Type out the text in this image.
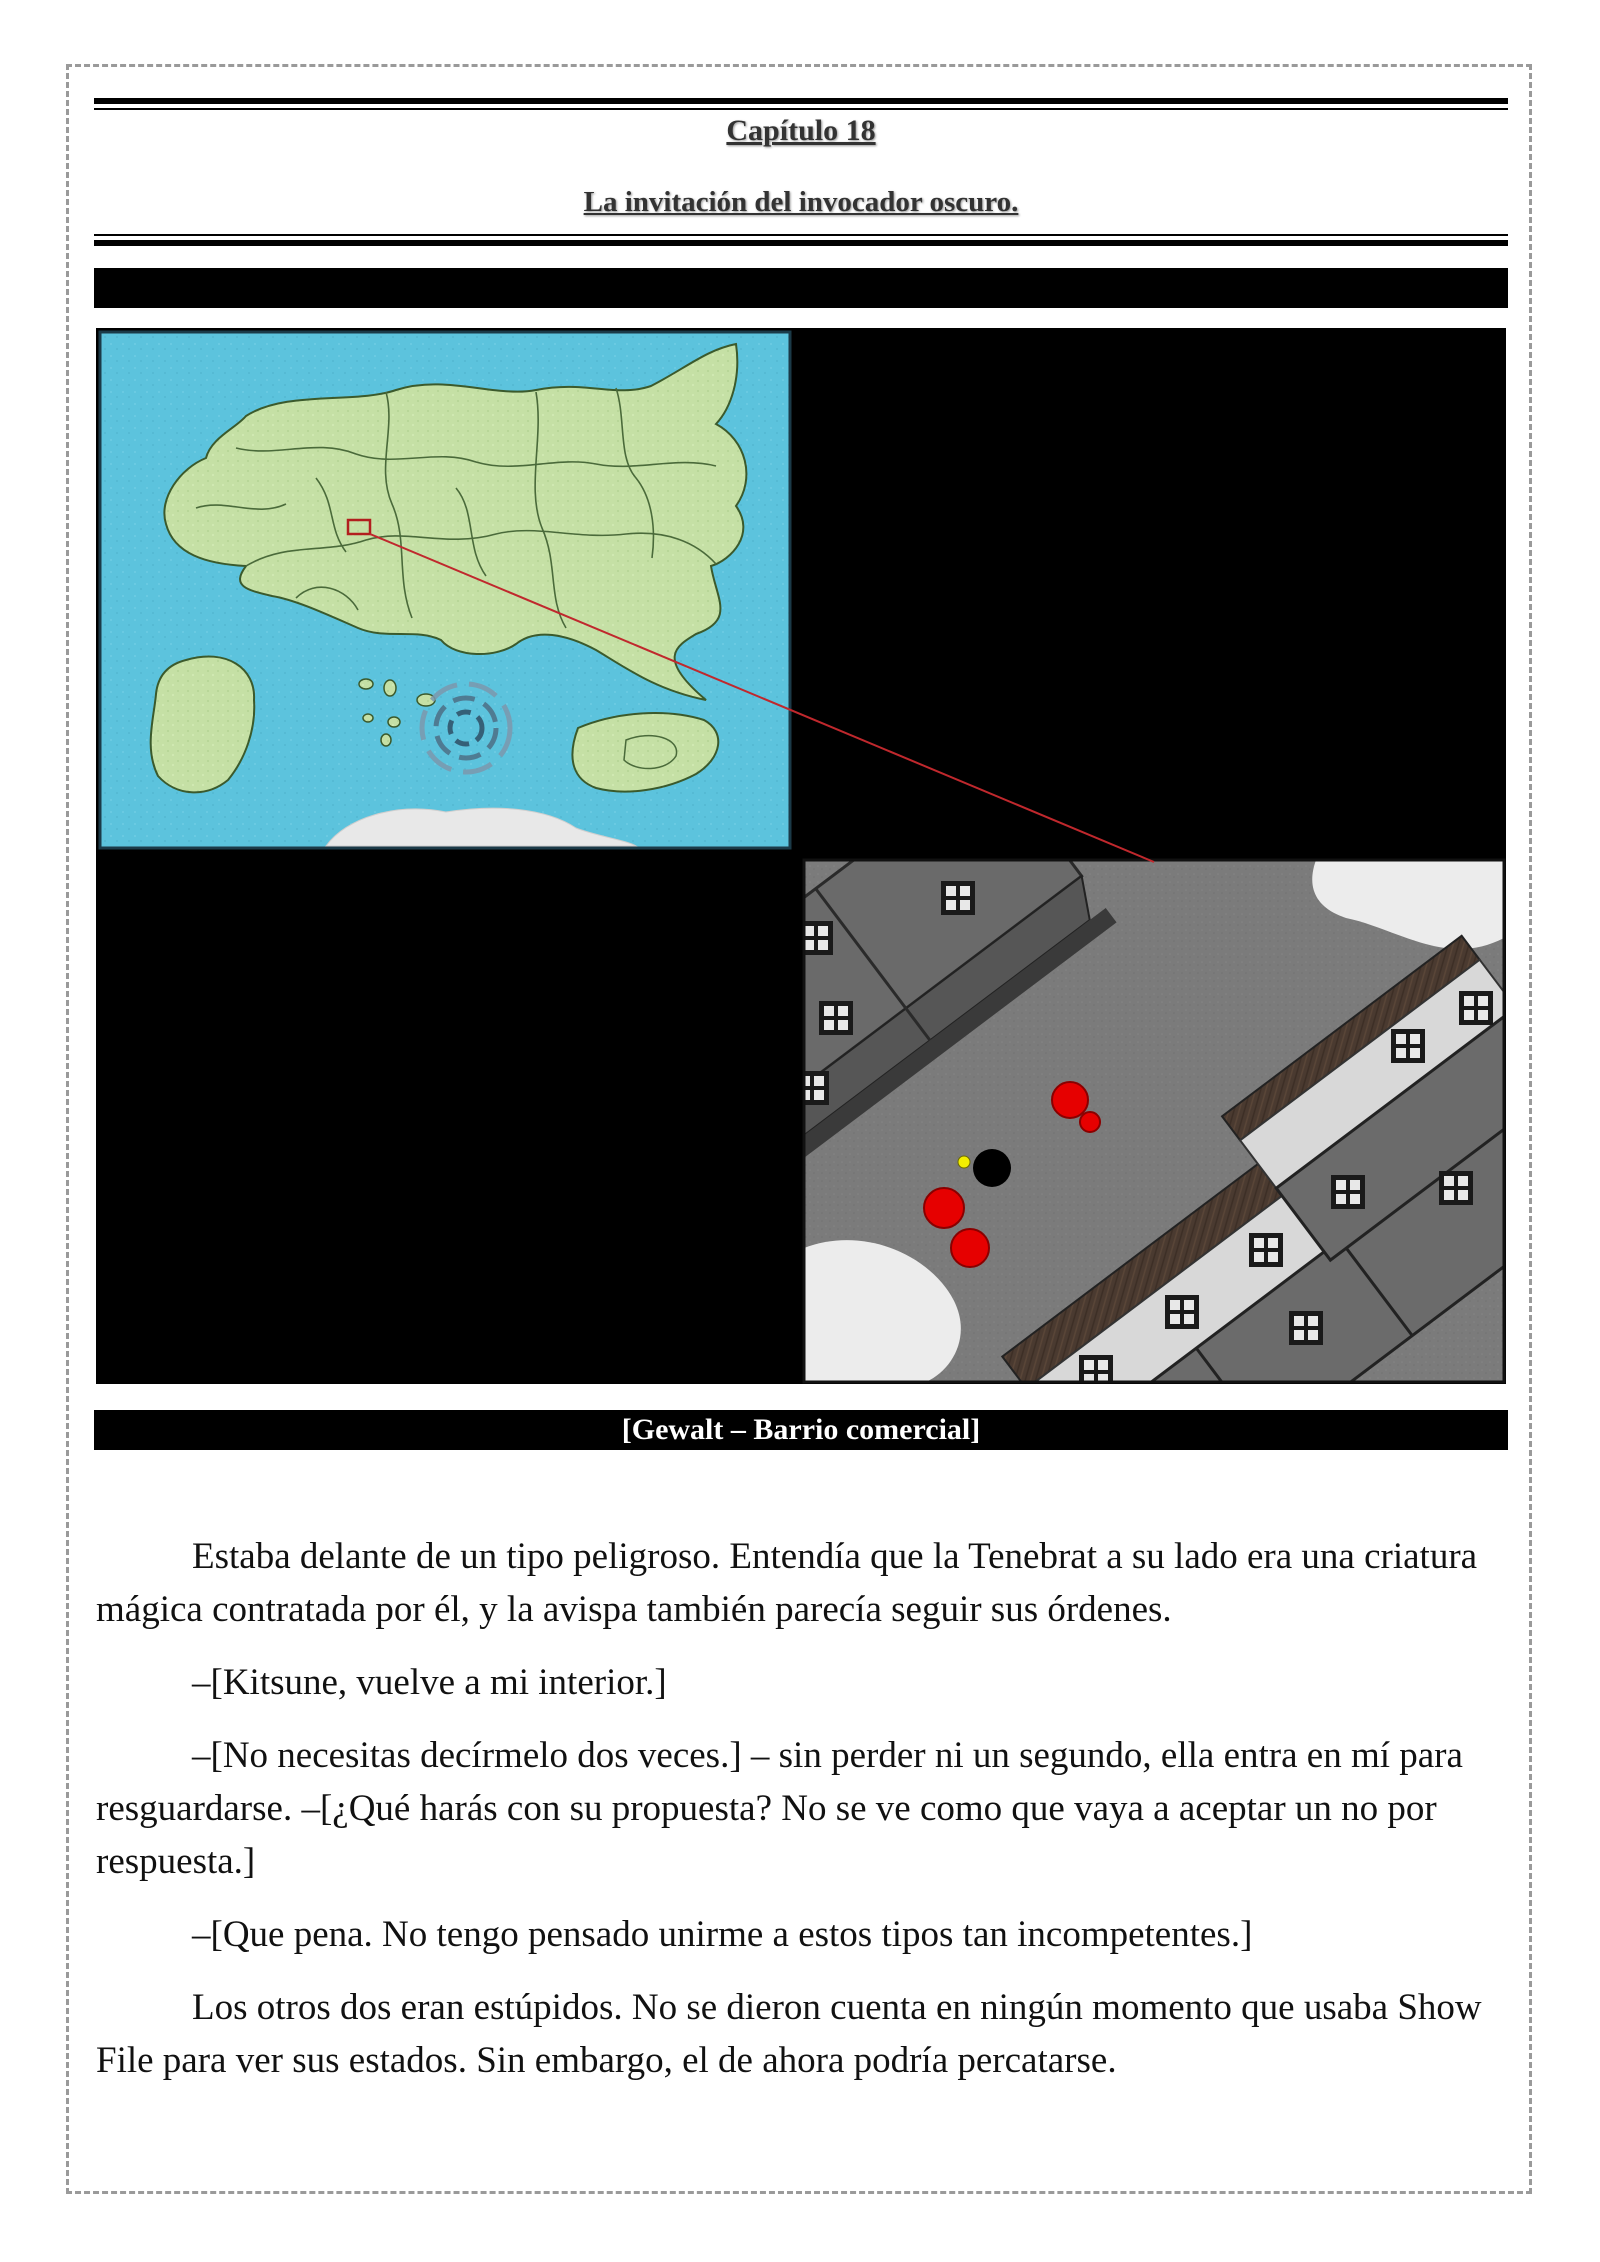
Capítulo 18
La invitación del invocador oscuro.
[Gewalt – Barrio comercial]

Estaba delante de un tipo peligroso. Entendía que la Tenebrat a su lado era una criatura mágica contratada por él, y la avispa también parecía seguir sus órdenes.

–[Kitsune, vuelve a mi interior.]

–[No necesitas decírmelo dos veces.] – sin perder ni un segundo, ella entra en mí para resguardarse. –[¿Qué harás con su propuesta? No se ve como que vaya a aceptar un no por respuesta.]

–[Que pena. No tengo pensado unirme a estos tipos tan incompetentes.]

Los otros dos eran estúpidos. No se dieron cuenta en ningún momento que usaba Show File para ver sus estados. Sin embargo, el de ahora podría percatarse.
